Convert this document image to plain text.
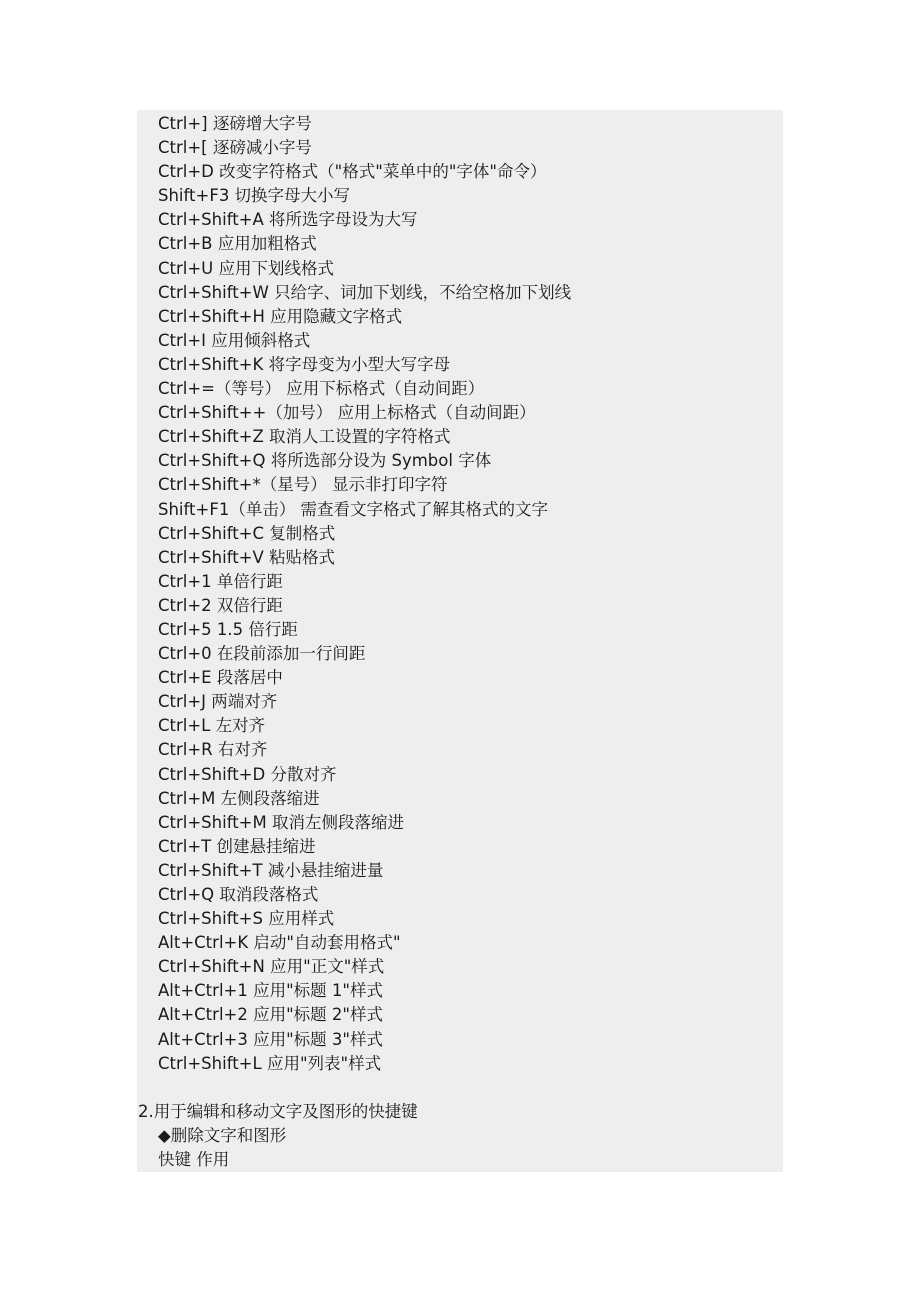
Ctrl+] 逐磅增大字号
Ctrl+[ 逐磅减小字号
Ctrl+D 改变字符格式（"格式"菜单中的"字体"命令）
Shift+F3 切换字母大小写
Ctrl+Shift+A 将所选字母设为大写
Ctrl+B 应用加粗格式
Ctrl+U 应用下划线格式
Ctrl+Shift+W 只给字、词加下划线，不给空格加下划线
Ctrl+Shift+H 应用隐藏文字格式
Ctrl+I 应用倾斜格式
Ctrl+Shift+K 将字母变为小型大写字母
Ctrl+=（等号） 应用下标格式（自动间距）
Ctrl+Shift++（加号） 应用上标格式（自动间距）
Ctrl+Shift+Z 取消人工设置的字符格式
Ctrl+Shift+Q 将所选部分设为 Symbol 字体
Ctrl+Shift+*（星号） 显示非打印字符
Shift+F1（单击） 需查看文字格式了解其格式的文字
Ctrl+Shift+C 复制格式
Ctrl+Shift+V 粘贴格式
Ctrl+1 单倍行距
Ctrl+2 双倍行距
Ctrl+5 1.5 倍行距
Ctrl+0 在段前添加一行间距
Ctrl+E 段落居中
Ctrl+J 两端对齐
Ctrl+L 左对齐
Ctrl+R 右对齐
Ctrl+Shift+D 分散对齐
Ctrl+M 左侧段落缩进
Ctrl+Shift+M 取消左侧段落缩进
Ctrl+T 创建悬挂缩进
Ctrl+Shift+T 减小悬挂缩进量
Ctrl+Q 取消段落格式
Ctrl+Shift+S 应用样式
Alt+Ctrl+K 启动"自动套用格式"
Ctrl+Shift+N 应用"正文"样式
Alt+Ctrl+1 应用"标题 1"样式
Alt+Ctrl+2 应用"标题 2"样式
Alt+Ctrl+3 应用"标题 3"样式
Ctrl+Shift+L 应用"列表"样式
2.用于编辑和移动文字及图形的快捷键
◆删除文字和图形
快键 作用
